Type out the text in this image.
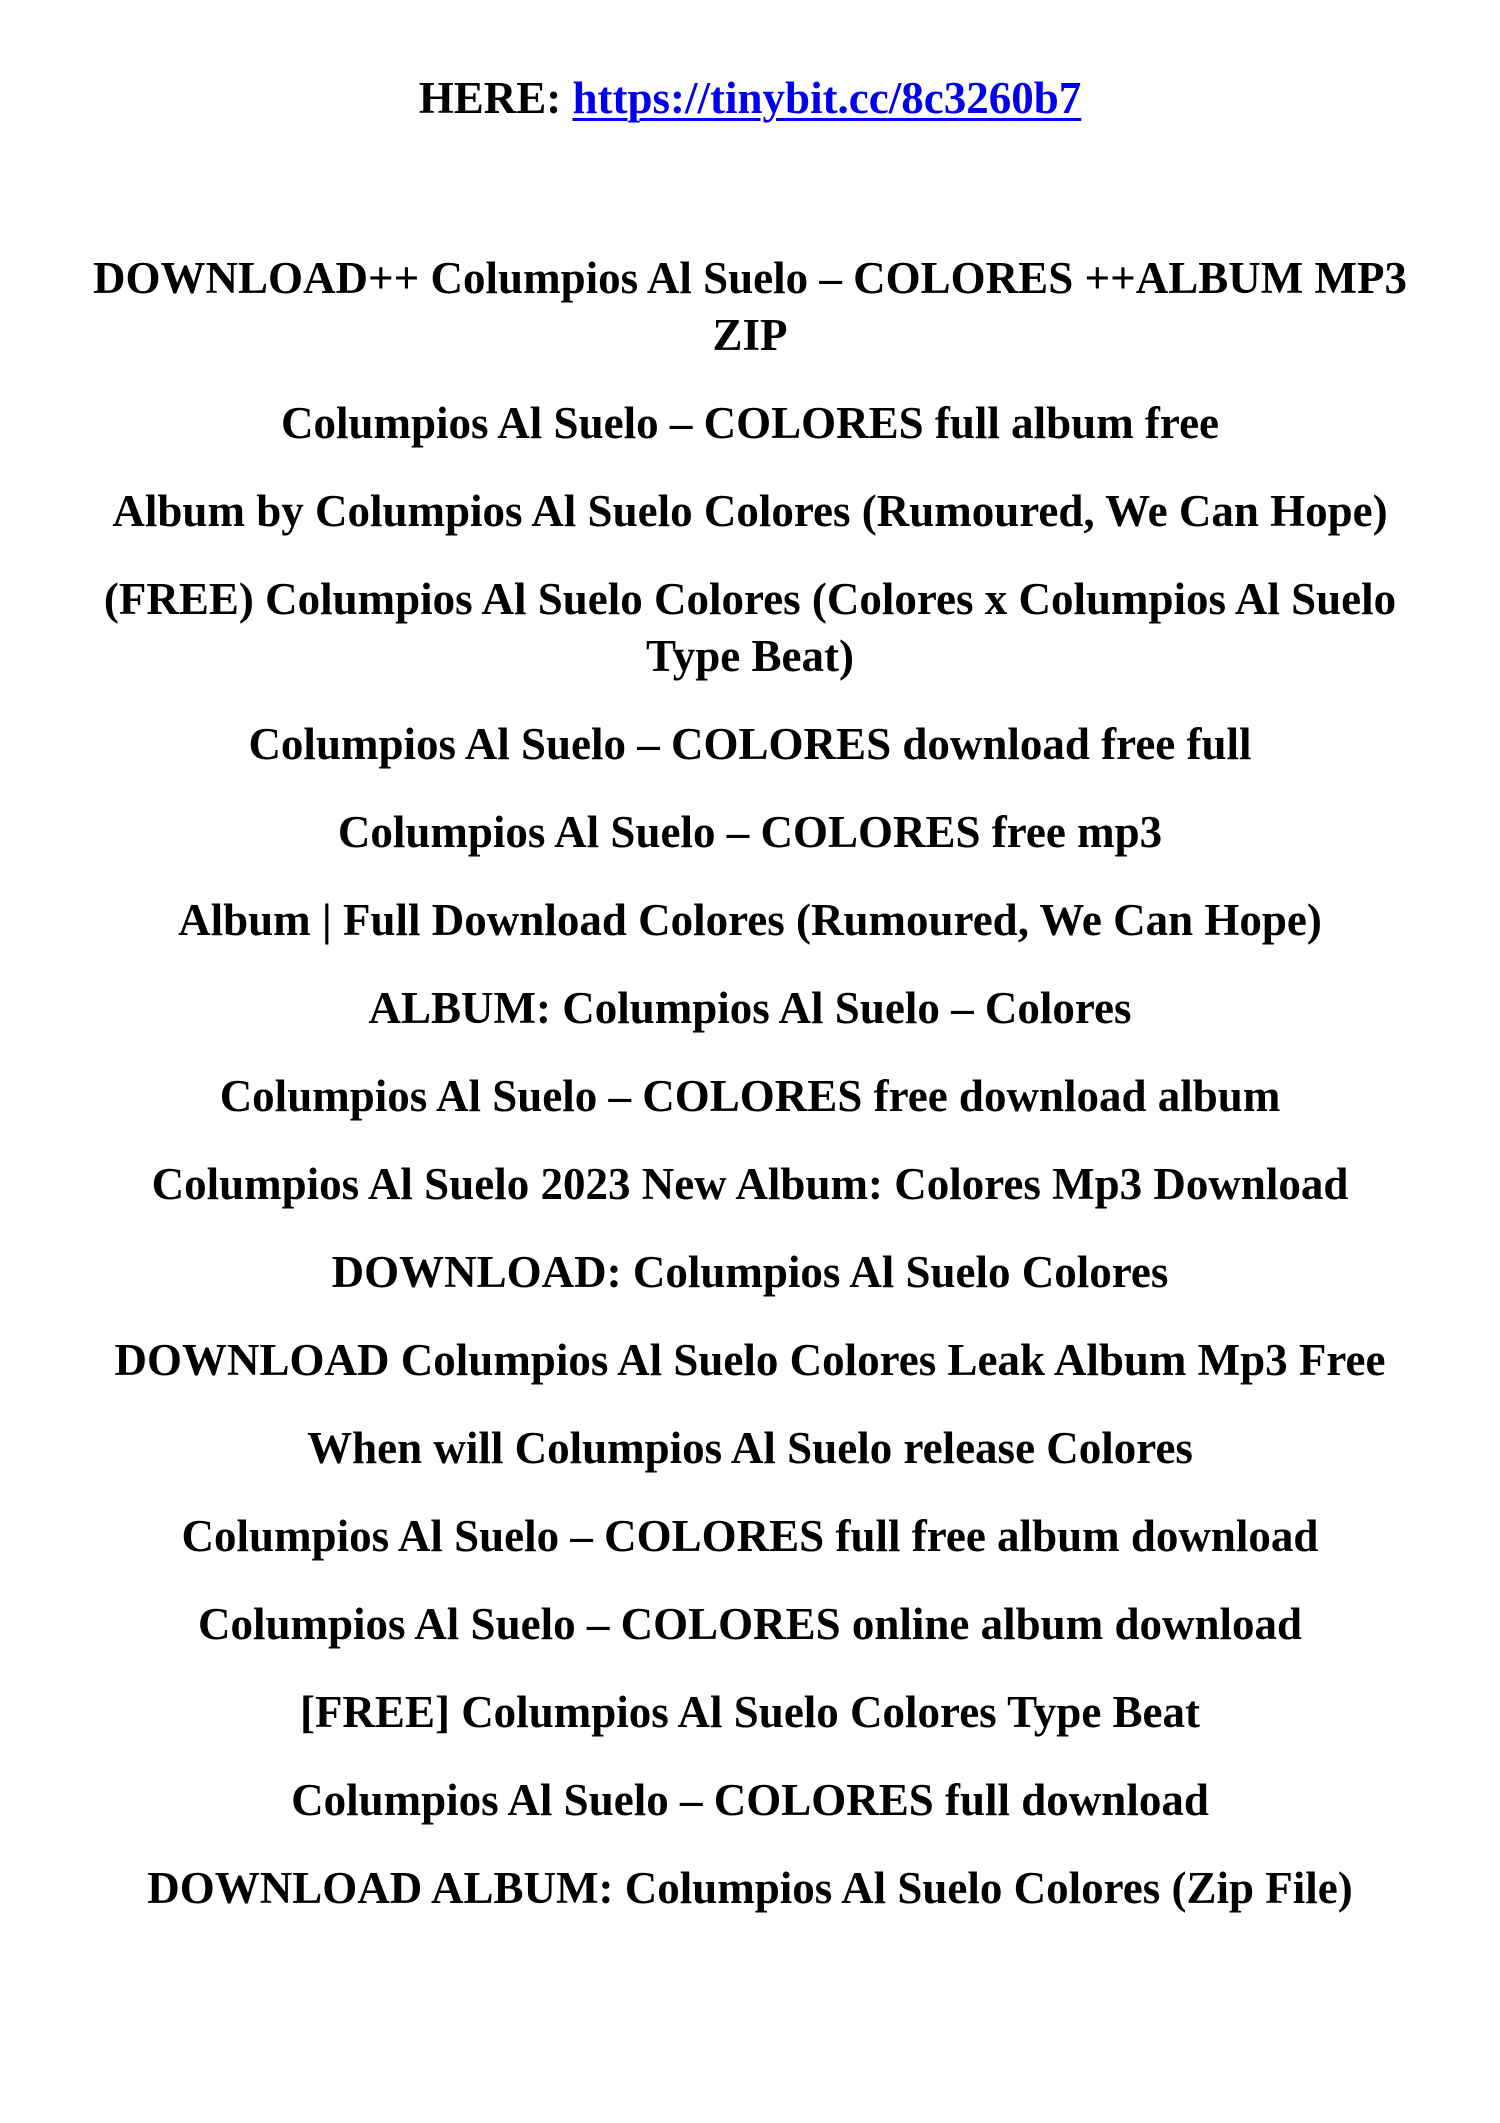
HERE: https://tinybit.cc/8c3260b7
DOWNLOAD++ Columpios Al Suelo – COLORES ++ALBUM MP3 ZIP
Columpios Al Suelo – COLORES full album free
Album by Columpios Al Suelo Colores (Rumoured, We Can Hope)
(FREE) Columpios Al Suelo Colores (Colores x Columpios Al Suelo Type Beat)
Columpios Al Suelo – COLORES download free full
Columpios Al Suelo – COLORES free mp3
Album | Full Download Colores (Rumoured, We Can Hope)
ALBUM: Columpios Al Suelo – Colores
Columpios Al Suelo – COLORES free download album
Columpios Al Suelo 2023 New Album: Colores Mp3 Download
DOWNLOAD: Columpios Al Suelo Colores
DOWNLOAD Columpios Al Suelo Colores Leak Album Mp3 Free
When will Columpios Al Suelo release Colores
Columpios Al Suelo – COLORES full free album download
Columpios Al Suelo – COLORES online album download
[FREE] Columpios Al Suelo Colores Type Beat
Columpios Al Suelo – COLORES full download
DOWNLOAD ALBUM: Columpios Al Suelo Colores (Zip File)
